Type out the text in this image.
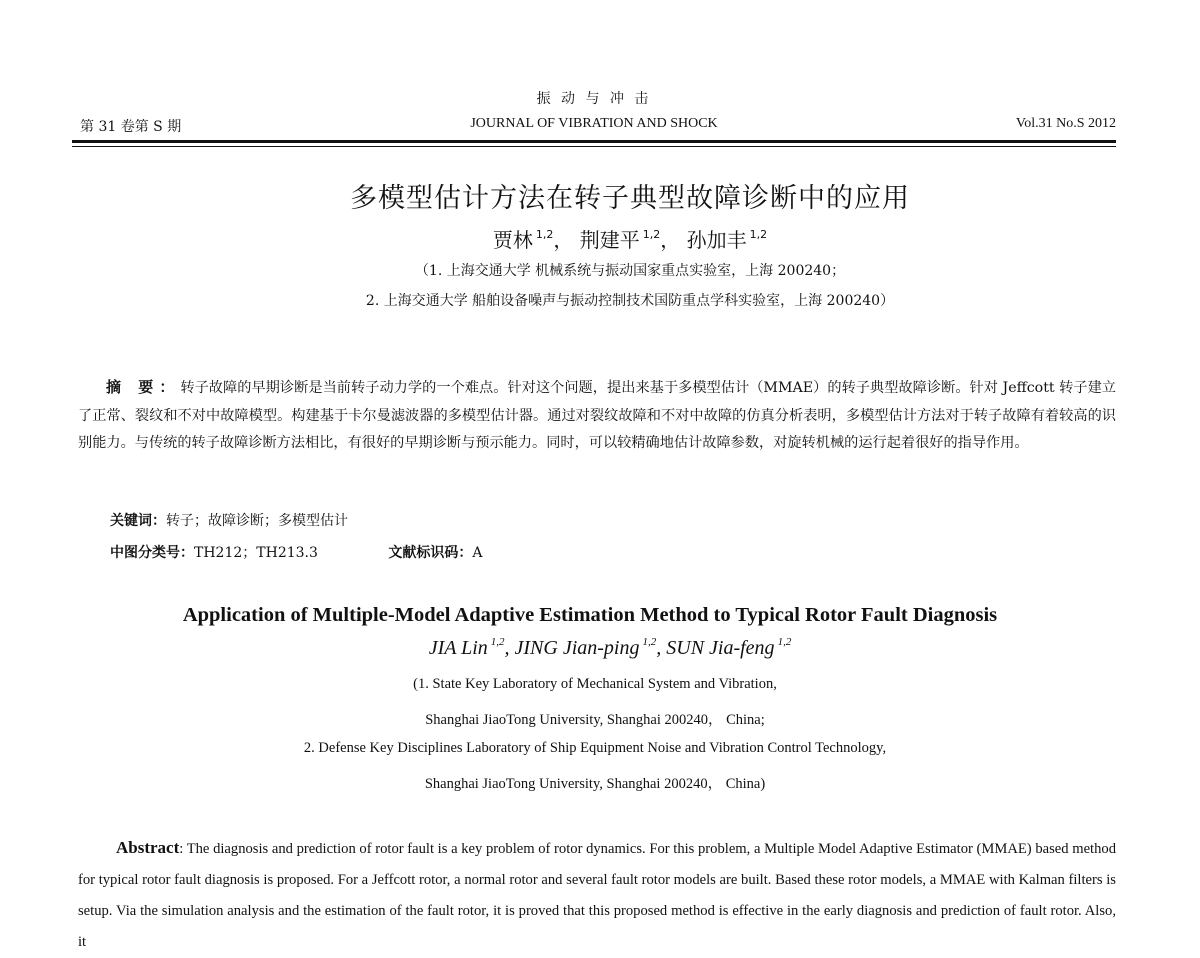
振 动 与 冲 击
第 31 卷第 S 期	JOURNAL OF VIBRATION AND SHOCK	Vol.31 No.S 2012
多模型估计方法在转子典型故障诊断中的应用
贾林 $^{1,2}$， 荆建平 $^{1,2}$， 孙加丰 $^{1,2}$
（1. 上海交通大学 机械系统与振动国家重点实验室，上海 200240；
2. 上海交通大学 船舶设备噪声与振动控制技术国防重点学科实验室，上海 200240）
摘 要：转子故障的早期诊断是当前转子动力学的一个难点。针对这个问题，提出来基于多模型估计（MMAE）的转子典型故障诊断。针对 Jeffcott 转子建立了正常、裂纹和不对中故障模型。构建基于卡尔曼滤波器的多模型估计器。通过对裂纹故障和不对中故障的仿真分析表明，多模型估计方法对于转子故障有着较高的识别能力。与传统的转子故障诊断方法相比，有很好的早期诊断与预示能力。同时，可以较精确地估计故障参数，对旋转机械的运行起着很好的指导作用。
关键词：转子；故障诊断；多模型估计
中图分类号：TH212；TH213.3	文献标识码：A
Application of Multiple-Model Adaptive Estimation Method to Typical Rotor Fault Diagnosis
JIA Lin $^{1,2}$, JING Jian-ping $^{1,2}$, SUN Jia-feng $^{1,2}$
(1. State Key Laboratory of Mechanical System and Vibration,
Shanghai JiaoTong University, Shanghai 200240， China;
2. Defense Key Disciplines Laboratory of Ship Equipment Noise and Vibration Control Technology,
Shanghai JiaoTong University, Shanghai 200240， China)
Abstract: The diagnosis and prediction of rotor fault is a key problem of rotor dynamics. For this problem, a Multiple Model Adaptive Estimator (MMAE) based method for typical rotor fault diagnosis is proposed. For a Jeffcott rotor, a normal rotor and several fault rotor models are built. Based these rotor models, a MMAE with Kalman filters is setup. Via the simulation analysis and the estimation of the fault rotor, it is proved that this proposed method is effective in the early diagnosis and prediction of fault rotor. Also, it
